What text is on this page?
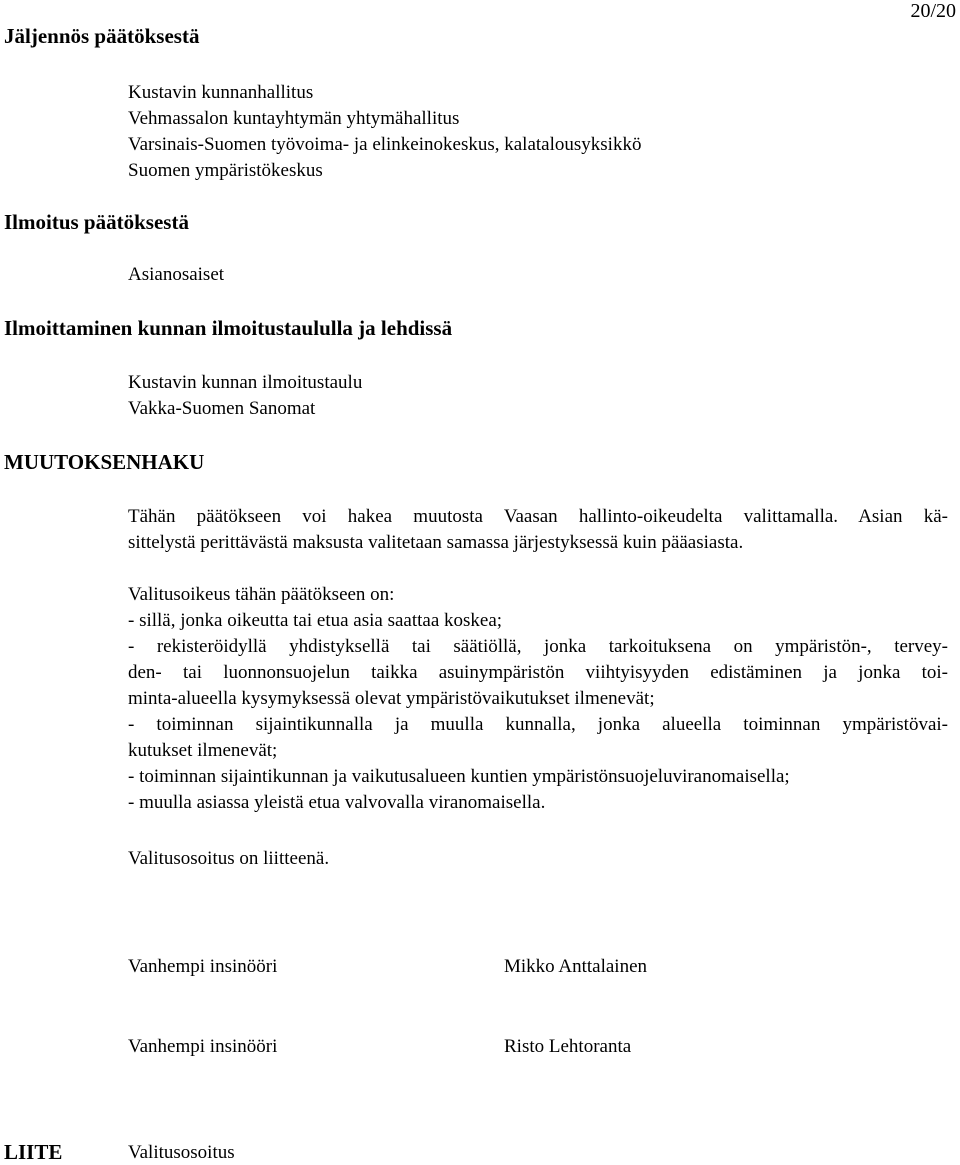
Jäljennös päätöksestä
20/20
Kustavin kunnanhallitus
Vehmassalon kuntayhtymän yhtymähallitus
Varsinais-Suomen työvoima- ja elinkeinokeskus, kalatalousyksikkö
Suomen ympäristökeskus
Ilmoitus päätöksestä
Asianosaiset
Ilmoittaminen kunnan ilmoitustaululla ja lehdissä
Kustavin kunnan ilmoitustaulu
Vakka-Suomen Sanomat
MUUTOKSENHAKU
Tähän päätökseen voi hakea muutosta Vaasan hallinto-oikeudelta valittamalla. Asian kä-
sittelystä perittävästä maksusta valitetaan samassa järjestyksessä kuin pääasiasta.
Valitusoikeus tähän päätökseen on:
- sillä, jonka oikeutta tai etua asia saattaa koskea;
- rekisteröidyllä yhdistyksellä tai säätiöllä, jonka tarkoituksena on ympäristön-, tervey-
den- tai luonnonsuojelun taikka asuinympäristön viihtyisyyden edistäminen ja jonka toi-
minta-alueella kysymyksessä olevat ympäristövaikutukset ilmenevät;
- toiminnan sijaintikunnalla ja muulla kunnalla, jonka alueella toiminnan ympäristövai-
kutukset ilmenevät;
- toiminnan sijaintikunnan ja vaikutusalueen kuntien ympäristönsuojeluviranomaisella;
- muulla asiassa yleistä etua valvovalla viranomaisella.
Valitusosoitus on liitteenä.
Vanhempi insinööri	Mikko Anttalainen
Vanhempi insinööri	Risto Lehtoranta
LIITE	Valitusosoitus
